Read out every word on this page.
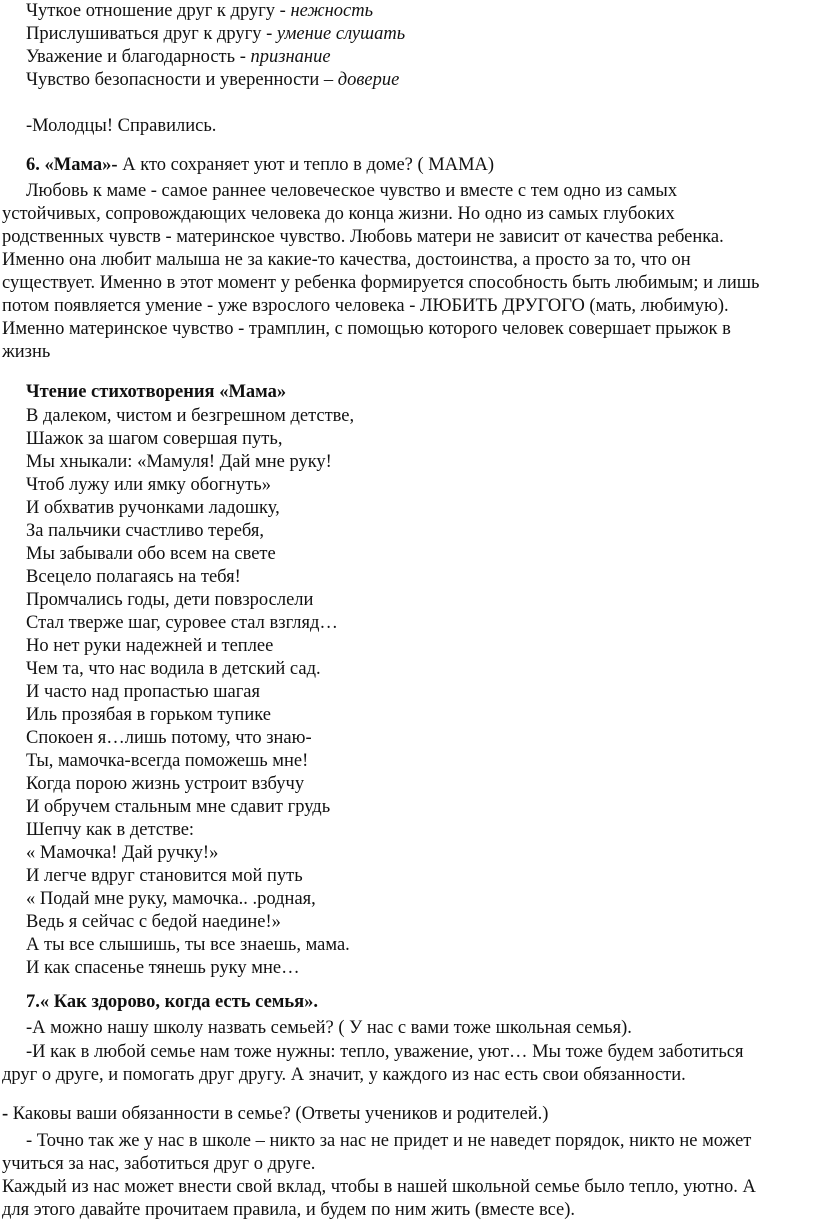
Чуткое отношение друг к другу - нежность
Прислушиваться друг к другу - умение слушать
Уважение и благодарность - признание
Чувство безопасности и уверенности – доверие
-Молодцы! Справились.
6. «Мама»- А кто сохраняет уют и тепло в доме? ( МАМА)
Любовь к маме - самое раннее человеческое чувство и вместе с тем одно из самых
устойчивых, сопровождающих человека до конца жизни. Но одно из самых глубоких
родственных чувств - материнское чувство. Любовь матери не зависит от качества ребенка.
Именно она любит малыша не за какие-то качества, достоинства, а просто за то, что он
существует. Именно в этот момент у ребенка формируется способность быть любимым; и лишь
потом появляется умение - уже взрослого человека - ЛЮБИТЬ ДРУГОГО (мать, любимую).
Именно материнское чувство - трамплин, с помощью которого человек совершает прыжок в
жизнь
Чтение стихотворения «Мама»
В далеком, чистом и безгрешном детстве,
Шажок за шагом совершая путь,
Мы хныкали: «Мамуля! Дай мне руку!
Чтоб лужу или ямку обогнуть»
И обхватив ручонками ладошку,
За пальчики счастливо теребя,
Мы забывали обо всем на свете
Всецело полагаясь на тебя!
Промчались годы, дети повзрослели
Стал тверже шаг, суровее стал взгляд…
Но нет руки надежней и теплее
Чем та, что нас водила в детский сад.
И часто над пропастью шагая
Иль прозябая в горьком тупике
Спокоен я…лишь потому, что знаю-
Ты, мамочка-всегда поможешь мне!
Когда порою жизнь устроит взбучу
И обручем стальным мне сдавит грудь
Шепчу как в детстве:
« Мамочка! Дай ручку!»
И легче вдруг становится мой путь
« Подай мне руку, мамочка.. .родная,
Ведь я сейчас с бедой наедине!»
А ты все слышишь, ты все знаешь, мама.
И как спасенье тянешь руку мне…
7.« Как здорово, когда есть семья».
-А можно нашу школу назвать семьей? ( У нас с вами тоже школьная семья).
-И как в любой семье нам тоже нужны: тепло, уважение, уют… Мы тоже будем заботиться
друг о друге, и помогать друг другу. А значит, у каждого из нас есть свои обязанности.
- Каковы ваши обязанности в семье? (Ответы учеников и родителей.)
- Точно так же у нас в школе – никто за нас не придет и не наведет порядок, никто не может
учиться за нас, заботиться друг о друге.
Каждый из нас может внести свой вклад, чтобы в нашей школьной семье было тепло, уютно. А
для этого давайте прочитаем правила, и будем по ним жить (вместе все).
